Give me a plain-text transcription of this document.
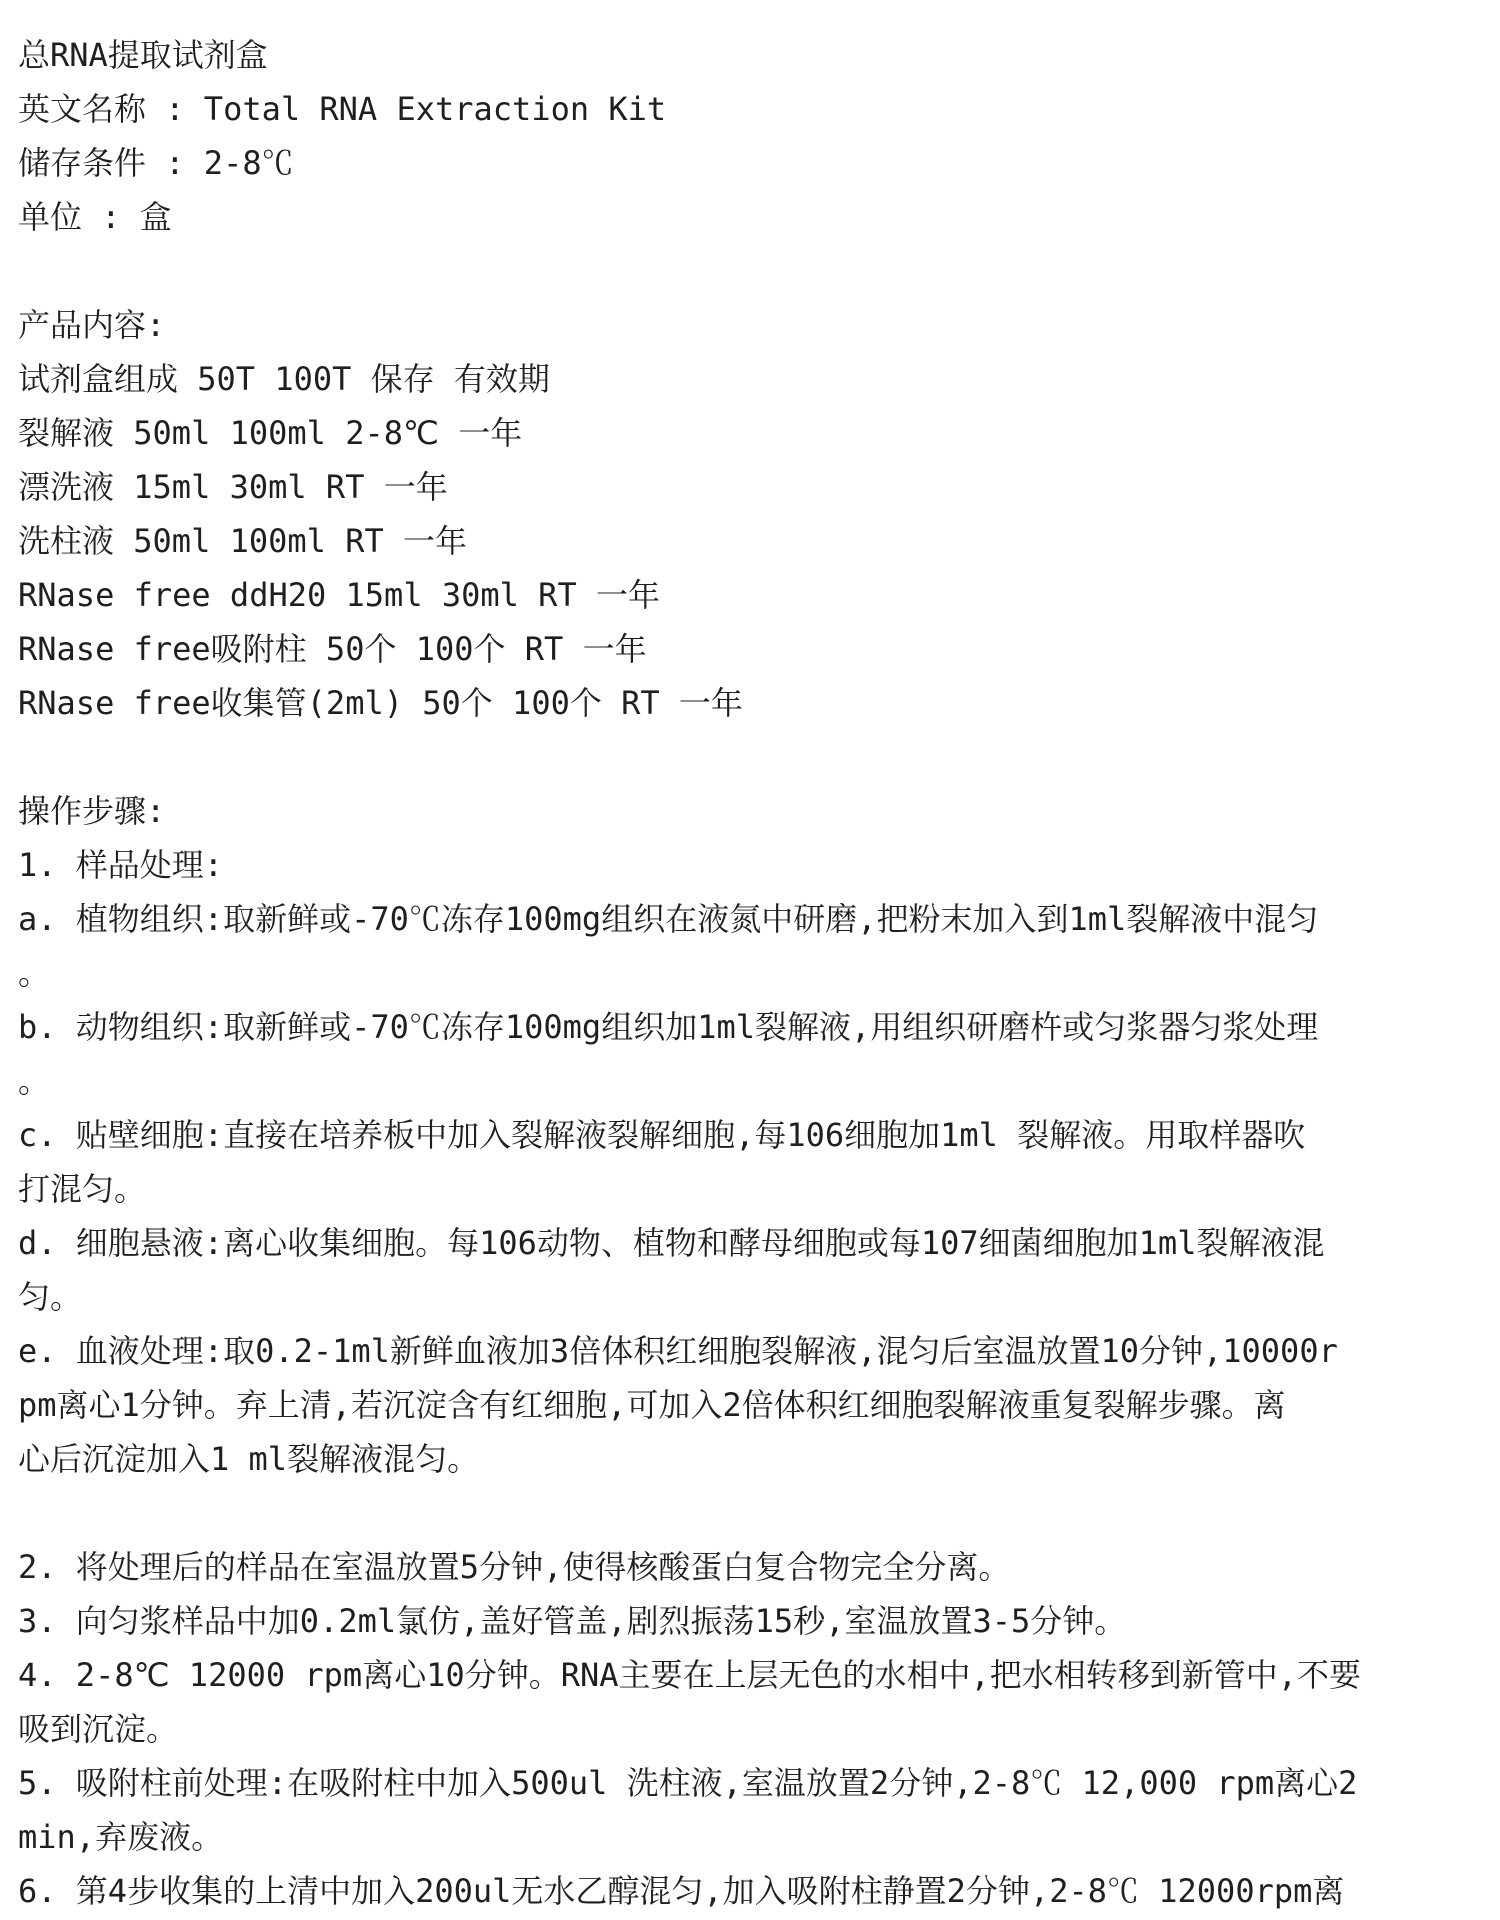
总RNA提取试剂盒
英文名称 : Total RNA Extraction Kit
储存条件 : 2-8℃
单位 : 盒
产品内容:
试剂盒组成 50T 100T 保存 有效期
裂解液 50ml 100ml 2-8℃ 一年
漂洗液 15ml 30ml RT 一年
洗柱液 50ml 100ml RT 一年
RNase free ddH20 15ml 30ml RT 一年
RNase free吸附柱 50个 100个 RT 一年
RNase free收集管(2ml) 50个 100个 RT 一年
操作步骤:
1. 样品处理:
a. 植物组织:取新鲜或-70℃冻存100mg组织在液氮中研磨,把粉末加入到1ml裂解液中混匀
。
b. 动物组织:取新鲜或-70℃冻存100mg组织加1ml裂解液,用组织研磨杵或匀浆器匀浆处理
。
c. 贴壁细胞:直接在培养板中加入裂解液裂解细胞,每106细胞加1ml 裂解液。用取样器吹
打混匀。
d. 细胞悬液:离心收集细胞。每106动物、植物和酵母细胞或每107细菌细胞加1ml裂解液混
匀。
e. 血液处理:取0.2-1ml新鲜血液加3倍体积红细胞裂解液,混匀后室温放置10分钟,10000r
pm离心1分钟。弃上清,若沉淀含有红细胞,可加入2倍体积红细胞裂解液重复裂解步骤。离
心后沉淀加入1 ml裂解液混匀。
2. 将处理后的样品在室温放置5分钟,使得核酸蛋白复合物完全分离。
3. 向匀浆样品中加0.2ml氯仿,盖好管盖,剧烈振荡15秒,室温放置3-5分钟。
4. 2-8℃ 12000 rpm离心10分钟。RNA主要在上层无色的水相中,把水相转移到新管中,不要
吸到沉淀。
5. 吸附柱前处理:在吸附柱中加入500ul 洗柱液,室温放置2分钟,2-8℃ 12,000 rpm离心2
min,弃废液。
6. 第4步收集的上清中加入200ul无水乙醇混匀,加入吸附柱静置2分钟,2-8℃ 12000rpm离
